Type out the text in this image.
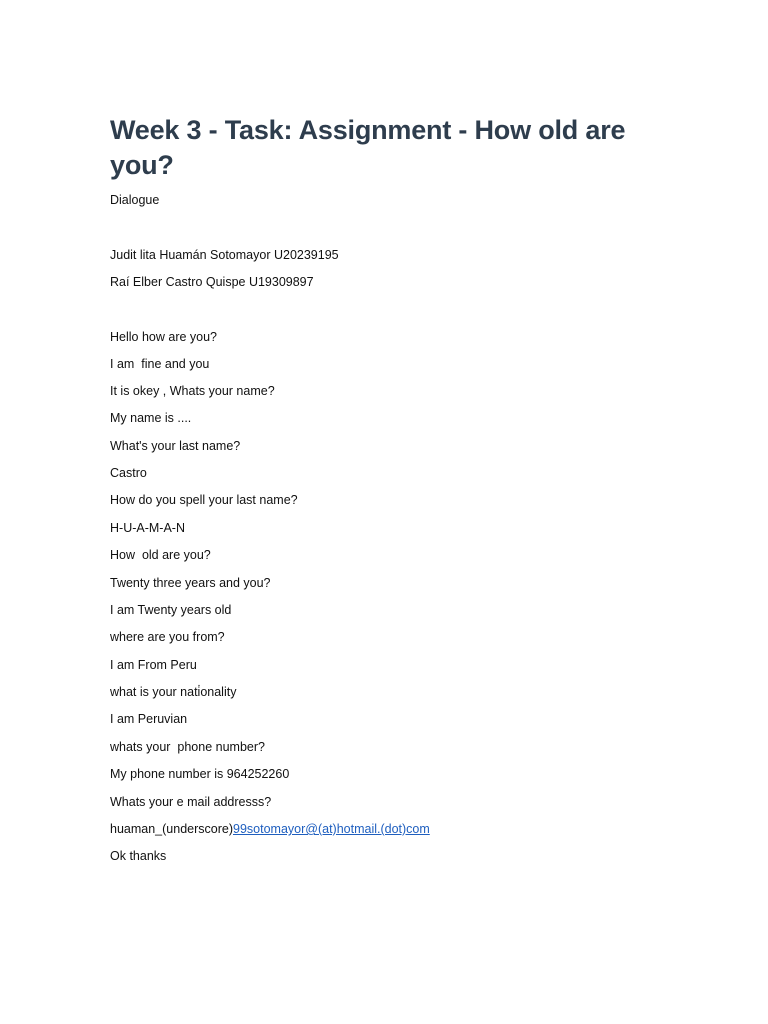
Week 3 - Task: Assignment - How old are you?
Dialogue
Judit lita Huamán Sotomayor U20239195
Raí Elber Castro Quispe U19309897
Hello how are you?
I am  fine and you
It is okey , Whats your name?
My name is ....
What's your last name?
Castro
How do you spell your last name?
H-U-A-M-A-N
How  old are you?
Twenty three years and you?
I am Twenty years old
where are you from?
I am From Peru
what is your nati̇onality
I am Peruvian
whats your  phone number?
My phone number is 964252260
Whats your e mail addresss?
huaman_(underscore)99sotomayor@(at)hotmail.(dot)com
Ok thanks
